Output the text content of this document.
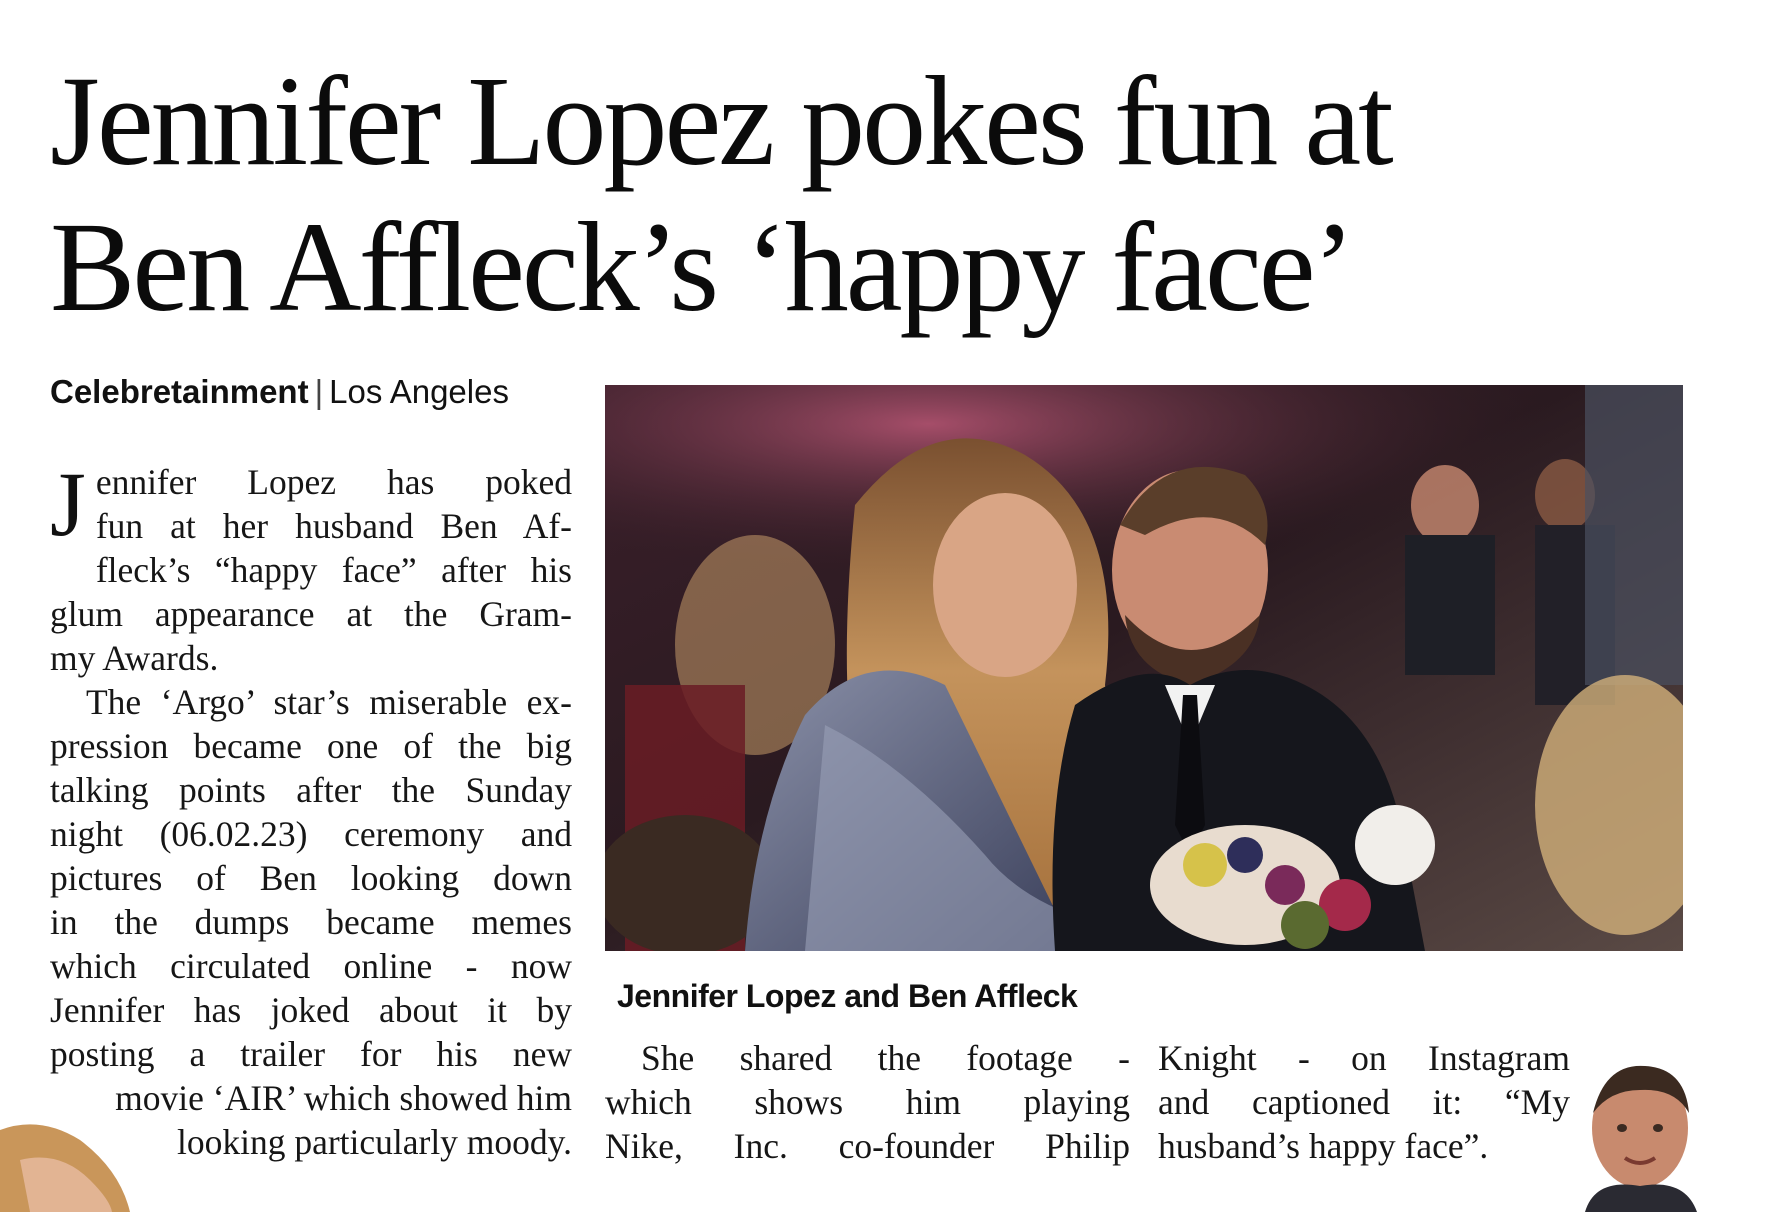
Jennifer Lopez pokes fun at
Ben Affleck’s ‘happy face’
Celebretainment | Los Angeles
J ennifer Lopez has poked
fun at her husband Ben Af-
fleck’s “happy face” after his
glum appearance at the Gram-
my Awards.
The ‘Argo’ star’s miserable ex-
pression became one of the big
talking points after the Sunday
night (06.02.23) ceremony and
pictures of Ben looking down
in the dumps became memes
which circulated online - now
Jennifer has joked about it by
posting a trailer for his new
movie ‘AIR’ which showed him
looking particularly moody.
Jennifer Lopez and Ben Affleck
She shared the footage -
which shows him playing
Nike, Inc. co-founder Philip
Knight - on Instagram
and captioned it: “My
husband’s happy face”.
